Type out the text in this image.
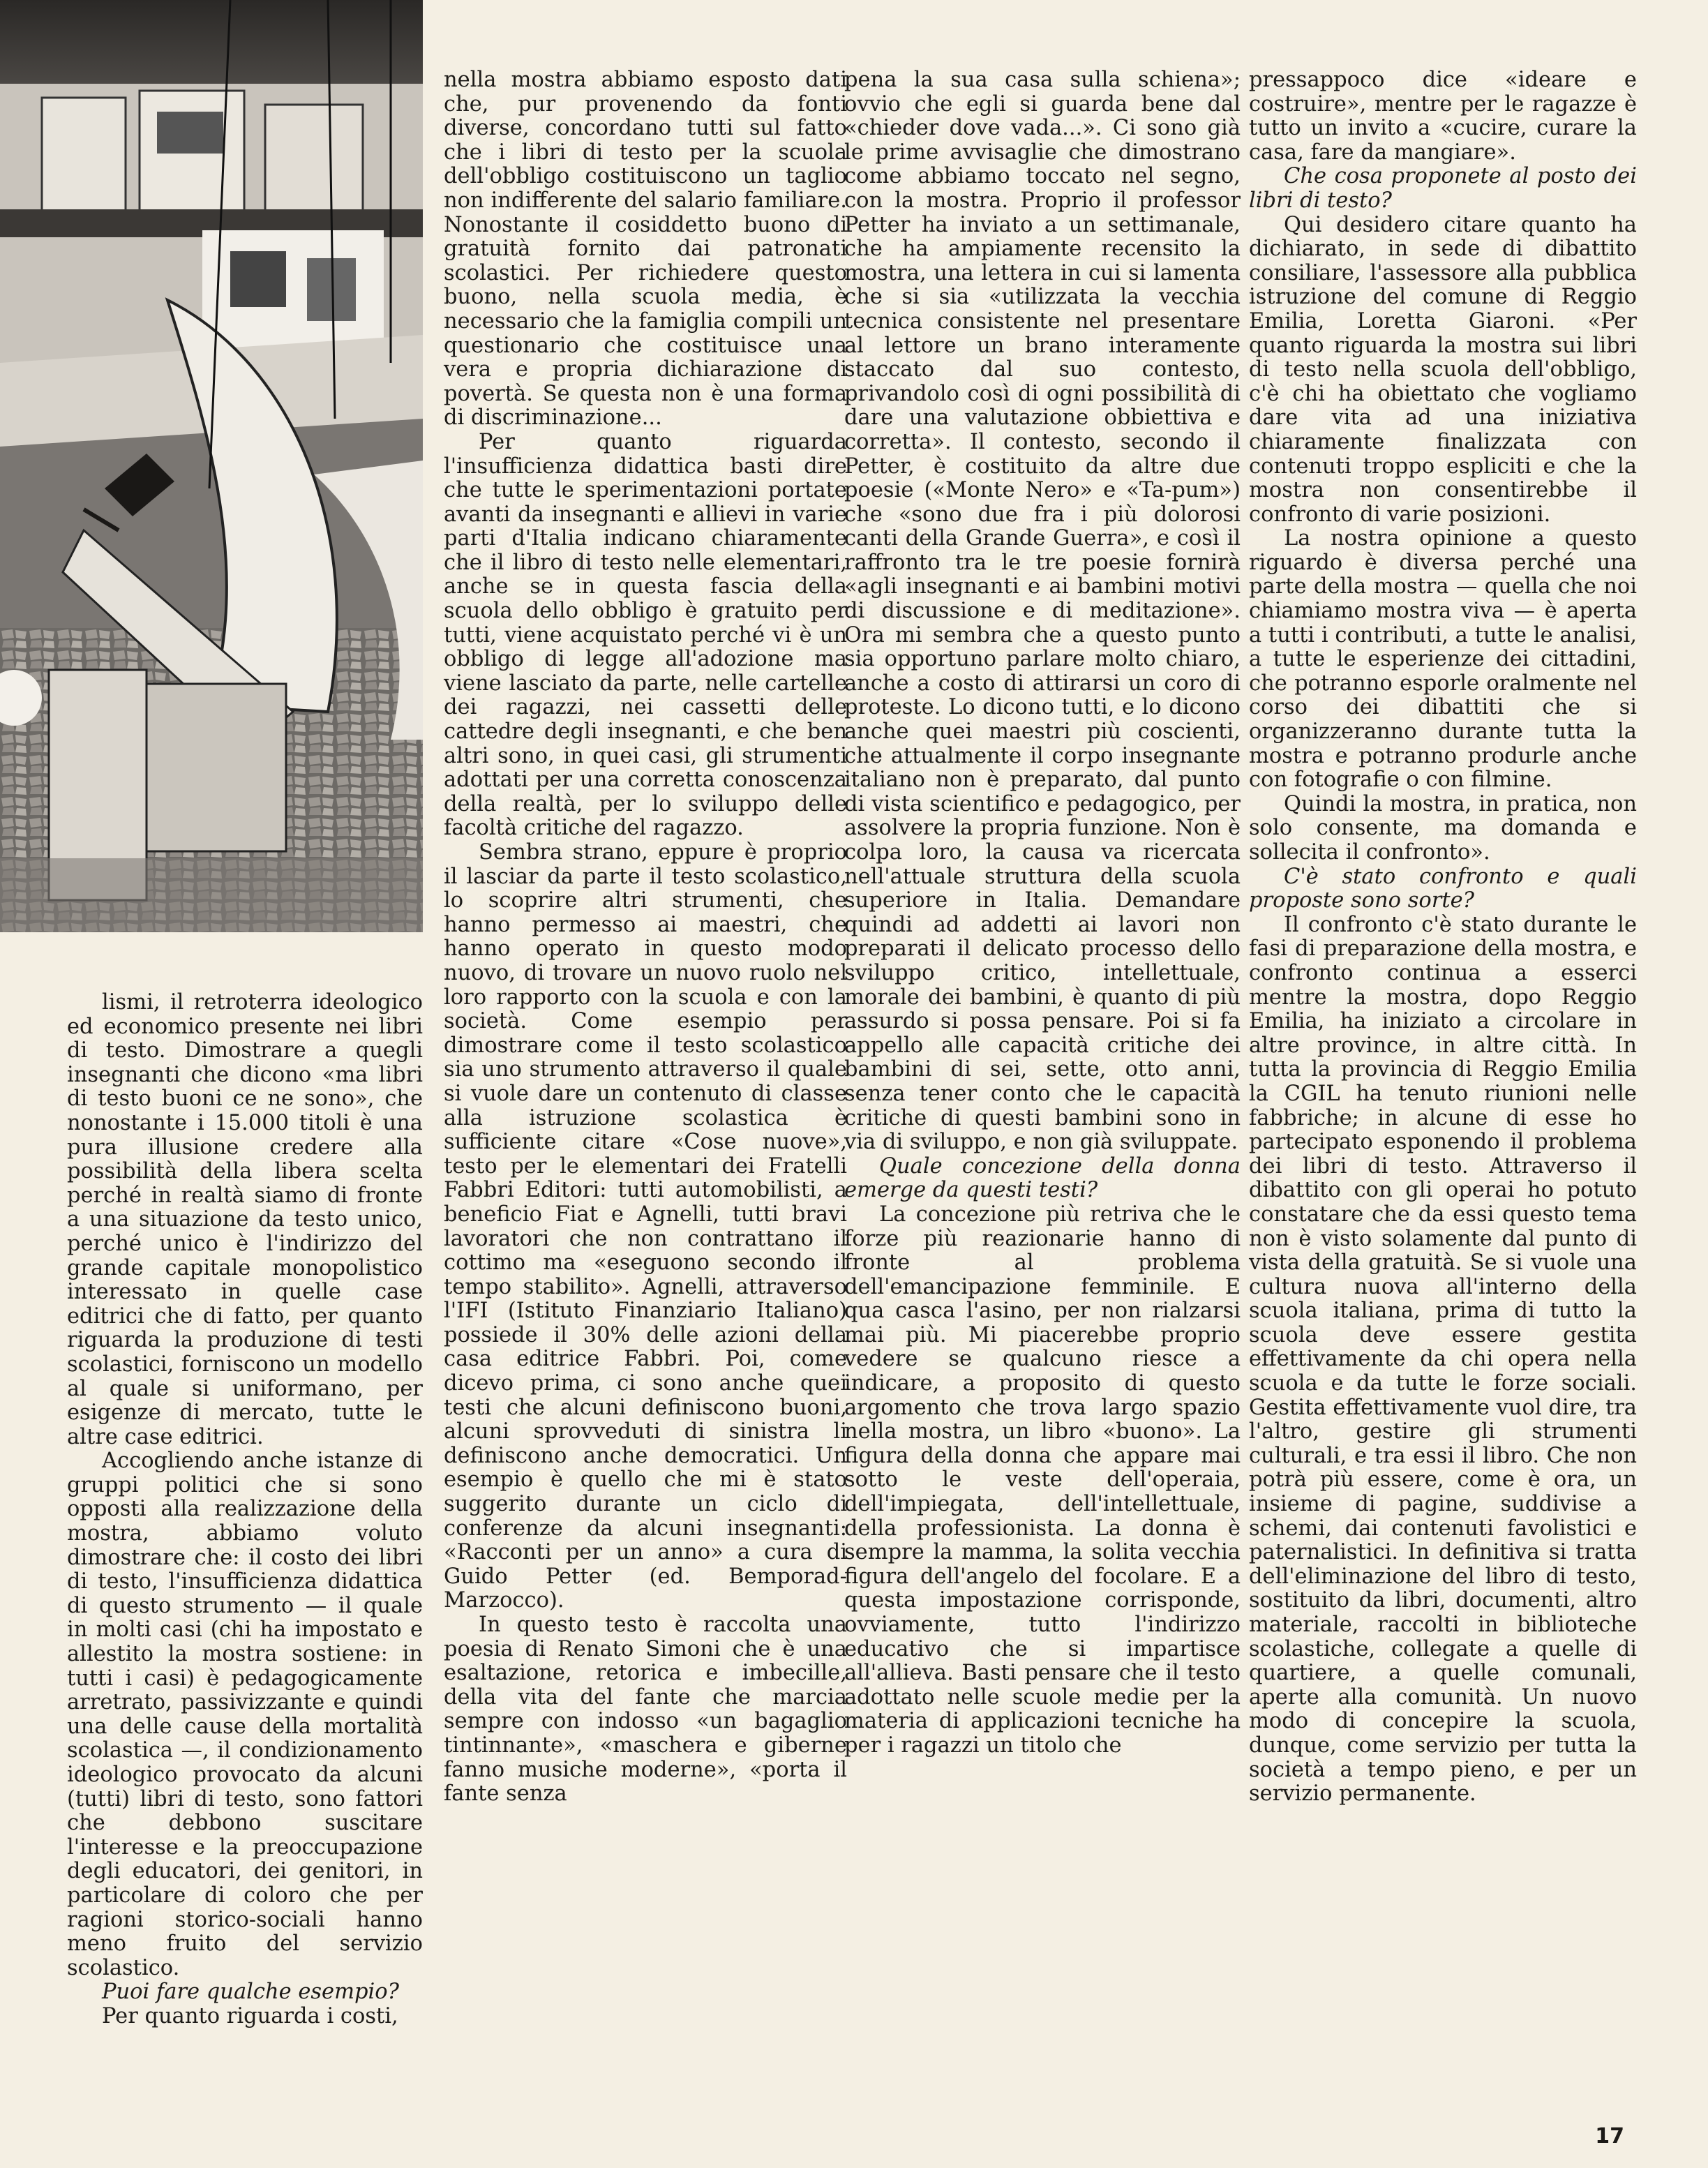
lismi, il retroterra ideologico ed economico presente nei libri di testo. Dimostrare a quegli insegnanti che dicono «ma libri di testo buoni ce ne sono», che nonostante i 15.000 titoli è una pura illusione credere alla possibilità della libera scelta perché in realtà siamo di fronte a una situazione da testo unico, perché unico è l'indirizzo del grande capitale monopolistico interessato in quelle case editrici che di fatto, per quanto riguarda la produzione di testi scolastici, forniscono un modello al quale si uniformano, per esigenze di mercato, tutte le altre case editrici.

Accogliendo anche istanze di gruppi politici che si sono opposti alla realizzazione della mostra, abbiamo voluto dimostrare che: il costo dei libri di testo, l'insufficienza didattica di questo strumento — il quale in molti casi (chi ha impostato e allestito la mostra sostiene: in tutti i casi) è pedagogicamente arretrato, passivizzante e quindi una delle cause della mortalità scolastica —, il condizionamento ideologico provocato da alcuni (tutti) libri di testo, sono fattori che debbono suscitare l'interesse e la preoccupazione degli educatori, dei genitori, in particolare di coloro che per ragioni storico-sociali hanno meno fruito del servizio scolastico.

Puoi fare qualche esempio?

Per quanto riguarda i costi,

nella mostra abbiamo esposto dati che, pur provenendo da fonti diverse, concordano tutti sul fatto che i libri di testo per la scuola dell'obbligo costituiscono un taglio non indifferente del salario familiare. Nonostante il cosiddetto buono di gratuità fornito dai patronati scolastici. Per richiedere questo buono, nella scuola media, è necessario che la famiglia compili un questionario che costituisce una vera e propria dichiarazione di povertà. Se questa non è una forma di discriminazione...

Per quanto riguarda l'insufficienza didattica basti dire che tutte le sperimentazioni portate avanti da insegnanti e allievi in varie parti d'Italia indicano chiaramente che il libro di testo nelle elementari, anche se in questa fascia della scuola dello obbligo è gratuito per tutti, viene acquistato perché vi è un obbligo di legge all'adozione ma viene lasciato da parte, nelle cartelle dei ragazzi, nei cassetti delle cattedre degli insegnanti, e che ben altri sono, in quei casi, gli strumenti adottati per una corretta conoscenza della realtà, per lo sviluppo delle facoltà critiche del ragazzo.

Sembra strano, eppure è proprio il lasciar da parte il testo scolastico, lo scoprire altri strumenti, che hanno permesso ai maestri, che hanno operato in questo modo nuovo, di trovare un nuovo ruolo nel loro rapporto con la scuola e con la società. Come esempio per dimostrare come il testo scolastico sia uno strumento attraverso il quale si vuole dare un contenuto di classe alla istruzione scolastica è sufficiente citare «Cose nuove», testo per le elementari dei Fratelli Fabbri Editori: tutti automobilisti, a beneficio Fiat e Agnelli, tutti bravi lavoratori che non contrattano il cottimo ma «eseguono secondo il tempo stabilito». Agnelli, attraverso l'IFI (Istituto Finanziario Italiano) possiede il 30% delle azioni della casa editrice Fabbri. Poi, come dicevo prima, ci sono anche quei testi che alcuni definiscono buoni, alcuni sprovveduti di sinistra li definiscono anche democratici. Un esempio è quello che mi è stato suggerito durante un ciclo di conferenze da alcuni insegnanti: «Racconti per un anno» a cura di Guido Petter (ed. Bemporad-Marzocco).

In questo testo è raccolta una poesia di Renato Simoni che è una esaltazione, retorica e imbecille, della vita del fante che marcia sempre con indosso «un bagaglio tintinnante», «maschera e giberne fanno musiche moderne», «porta il fante senza

pena la sua casa sulla schiena»; ovvio che egli si guarda bene dal «chieder dove vada...». Ci sono già le prime avvisaglie che dimostrano come abbiamo toccato nel segno, con la mostra. Proprio il professor Petter ha inviato a un settimanale, che ha ampiamente recensito la mostra, una lettera in cui si lamenta che si sia «utilizzata la vecchia tecnica consistente nel presentare al lettore un brano interamente staccato dal suo contesto, privandolo così di ogni possibilità di dare una valutazione obbiettiva e corretta». Il contesto, secondo il Petter, è costituito da altre due poesie («Monte Nero» e «Ta-pum») che «sono due fra i più dolorosi canti della Grande Guerra», e così il raffronto tra le tre poesie fornirà «agli insegnanti e ai bambini motivi di discussione e di meditazione». Ora mi sembra che a questo punto sia opportuno parlare molto chiaro, anche a costo di attirarsi un coro di proteste. Lo dicono tutti, e lo dicono anche quei maestri più coscienti, che attualmente il corpo insegnante italiano non è preparato, dal punto di vista scientifico e pedagogico, per assolvere la propria funzione. Non è colpa loro, la causa va ricercata nell'attuale struttura della scuola superiore in Italia. Demandare quindi ad addetti ai lavori non preparati il delicato processo dello sviluppo critico, intellettuale, morale dei bambini, è quanto di più assurdo si possa pensare. Poi si fa appello alle capacità critiche dei bambini di sei, sette, otto anni, senza tener conto che le capacità critiche di questi bambini sono in via di sviluppo, e non già sviluppate.

Quale concezione della donna emerge da questi testi?

La concezione più retriva che le forze più reazionarie hanno di fronte al problema dell'emancipazione femminile. E qua casca l'asino, per non rialzarsi mai più. Mi piacerebbe proprio vedere se qualcuno riesce a indicare, a proposito di questo argomento che trova largo spazio nella mostra, un libro «buono». La figura della donna che appare mai sotto le veste dell'operaia, dell'impiegata, dell'intellettuale, della professionista. La donna è sempre la mamma, la solita vecchia figura dell'angelo del focolare. E a questa impostazione corrisponde, ovviamente, tutto l'indirizzo educativo che si impartisce all'allieva. Basti pensare che il testo adottato nelle scuole medie per la materia di applicazioni tecniche ha per i ragazzi un titolo che

pressappoco dice «ideare e costruire», mentre per le ragazze è tutto un invito a «cucire, curare la casa, fare da mangiare».

Che cosa proponete al posto dei libri di testo?

Qui desidero citare quanto ha dichiarato, in sede di dibattito consiliare, l'assessore alla pubblica istruzione del comune di Reggio Emilia, Loretta Giaroni. «Per quanto riguarda la mostra sui libri di testo nella scuola dell'obbligo, c'è chi ha obiettato che vogliamo dare vita ad una iniziativa chiaramente finalizzata con contenuti troppo espliciti e che la mostra non consentirebbe il confronto di varie posizioni.

La nostra opinione a questo riguardo è diversa perché una parte della mostra — quella che noi chiamiamo mostra viva — è aperta a tutti i contributi, a tutte le analisi, a tutte le esperienze dei cittadini, che potranno esporle oralmente nel corso dei dibattiti che si organizzeranno durante tutta la mostra e potranno produrle anche con fotografie o con filmine.

Quindi la mostra, in pratica, non solo consente, ma domanda e sollecita il confronto».

C'è stato confronto e quali proposte sono sorte?

Il confronto c'è stato durante le fasi di preparazione della mostra, e confronto continua a esserci mentre la mostra, dopo Reggio Emilia, ha iniziato a circolare in altre province, in altre città. In tutta la provincia di Reggio Emilia la CGIL ha tenuto riunioni nelle fabbriche; in alcune di esse ho partecipato esponendo il problema dei libri di testo. Attraverso il dibattito con gli operai ho potuto constatare che da essi questo tema non è visto solamente dal punto di vista della gratuità. Se si vuole una cultura nuova all'interno della scuola italiana, prima di tutto la scuola deve essere gestita effettivamente da chi opera nella scuola e da tutte le forze sociali. Gestita effettivamente vuol dire, tra l'altro, gestire gli strumenti culturali, e tra essi il libro. Che non potrà più essere, come è ora, un insieme di pagine, suddivise a schemi, dai contenuti favolistici e paternalistici. In definitiva si tratta dell'eliminazione del libro di testo, sostituito da libri, documenti, altro materiale, raccolti in biblioteche scolastiche, collegate a quelle di quartiere, a quelle comunali, aperte alla comunità. Un nuovo modo di concepire la scuola, dunque, come servizio per tutta la società a tempo pieno, e per un servizio permanente.

17
